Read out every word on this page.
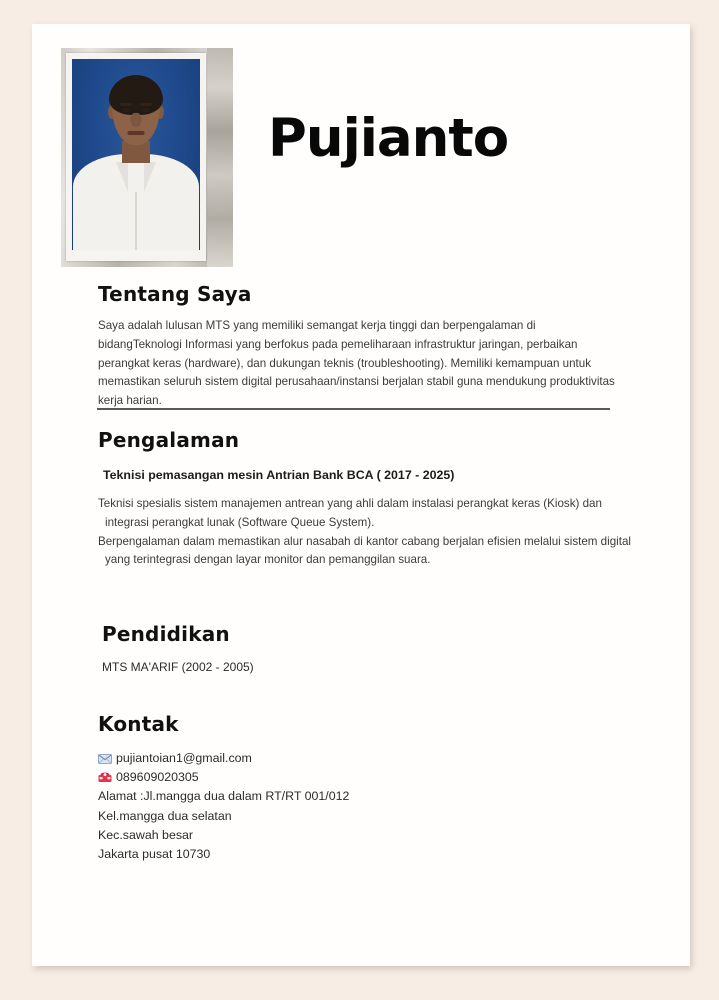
Pujianto
Tentang Saya

Saya adalah lulusan MTS yang memiliki semangat kerja tinggi dan berpengalaman di bidangTeknologi Informasi yang berfokus pada pemeliharaan infrastruktur jaringan, perbaikan perangkat keras (hardware), dan dukungan teknis (troubleshooting). Memiliki kemampuan untuk memastikan seluruh sistem digital perusahaan/instansi berjalan stabil guna mendukung produktivitas kerja harian.

Pengalaman
Teknisi pemasangan mesin Antrian Bank BCA ( 2017 - 2025)
Teknisi spesialis sistem manajemen antrean yang ahli dalam instalasi perangkat keras (Kiosk) dan
integrasi perangkat lunak (Software Queue System).
Berpengalaman dalam memastikan alur nasabah di kantor cabang berjalan efisien melalui sistem digital
yang terintegrasi dengan layar monitor dan pemanggilan suara.
Pendidikan
MTS MA'ARIF (2002 - 2005)
Kontak
pujiantoian1@gmail.com
089609020305
Alamat :Jl.mangga dua dalam RT/RT 001/012
Kel.mangga dua selatan
Kec.sawah besar
Jakarta pusat 10730
